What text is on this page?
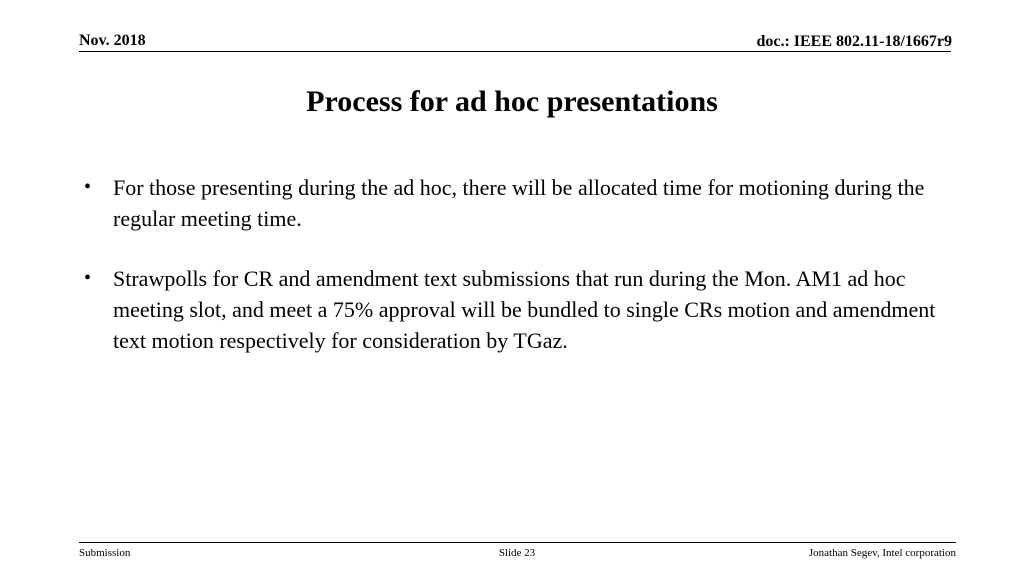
Nov. 2018	doc.: IEEE 802.11-18/1667r9
Process for ad hoc presentations
• For those presenting during the ad hoc, there will be allocated time for motioning during the regular meeting time.
• Strawpolls for CR and amendment text submissions that run during the Mon. AM1 ad hoc meeting slot, and meet a 75% approval will be bundled to single CRs motion and amendment text motion respectively for consideration by TGaz.
Submission	Slide 23	Jonathan Segev, Intel corporation
